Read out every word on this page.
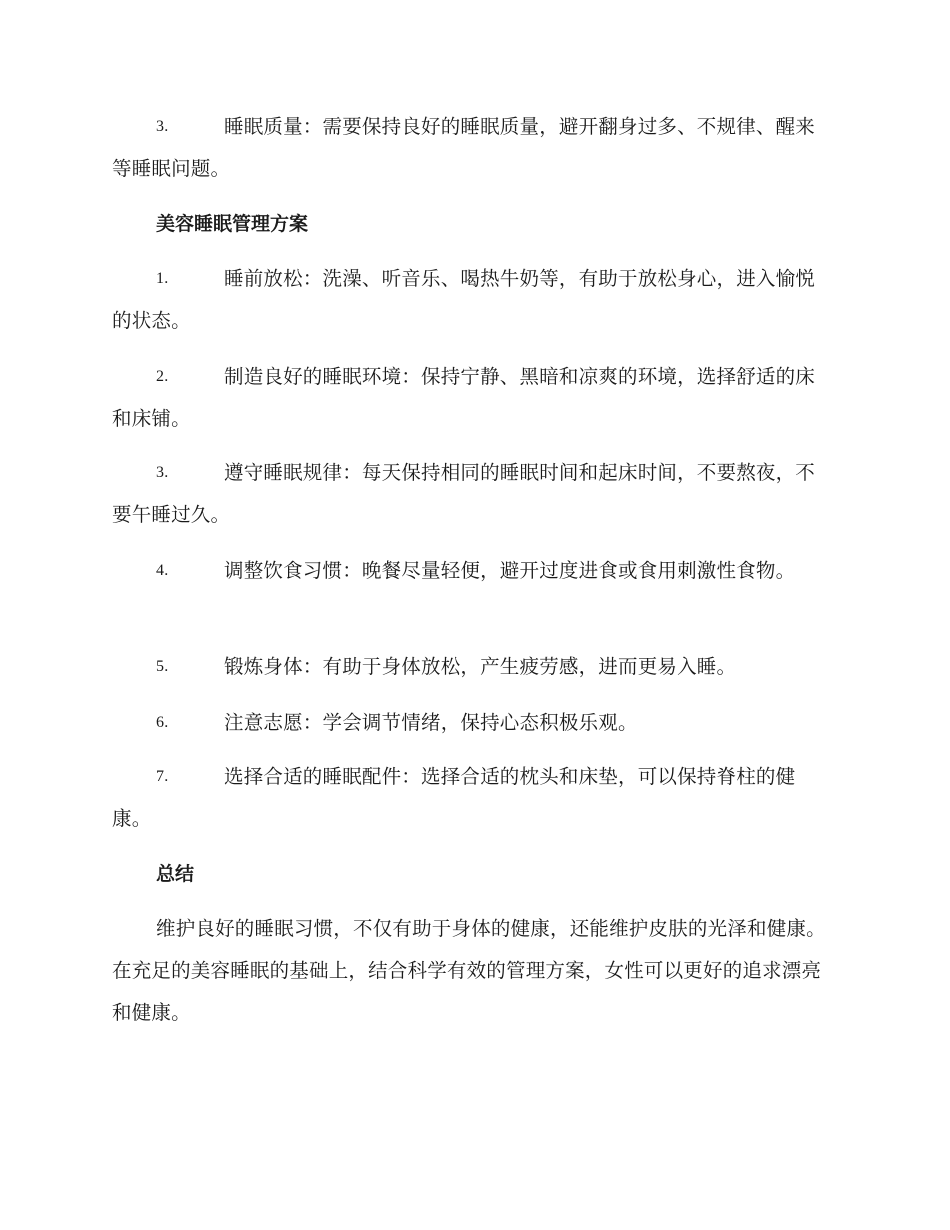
3.	睡眠质量：需要保持良好的睡眠质量，避开翻身过多、不规律、醒来等睡眠问题。
美容睡眠管理方案
1.	睡前放松：洗澡、听音乐、喝热牛奶等，有助于放松身心，进入愉悦的状态。
2.	制造良好的睡眠环境：保持宁静、黑暗和凉爽的环境，选择舒适的床和床铺。
3.	遵守睡眠规律：每天保持相同的睡眠时间和起床时间，不要熬夜，不要午睡过久。
4.	调整饮食习惯：晚餐尽量轻便，避开过度进食或食用刺激性食物。
5.	锻炼身体：有助于身体放松，产生疲劳感，进而更易入睡。
6.	注意志愿：学会调节情绪，保持心态积极乐观。
7.	选择合适的睡眠配件：选择合适的枕头和床垫，可以保持脊柱的健康。
总结
维护良好的睡眠习惯，不仅有助于身体的健康，还能维护皮肤的光泽和健康。在充足的美容睡眠的基础上，结合科学有效的管理方案，女性可以更好的追求漂亮和健康。
